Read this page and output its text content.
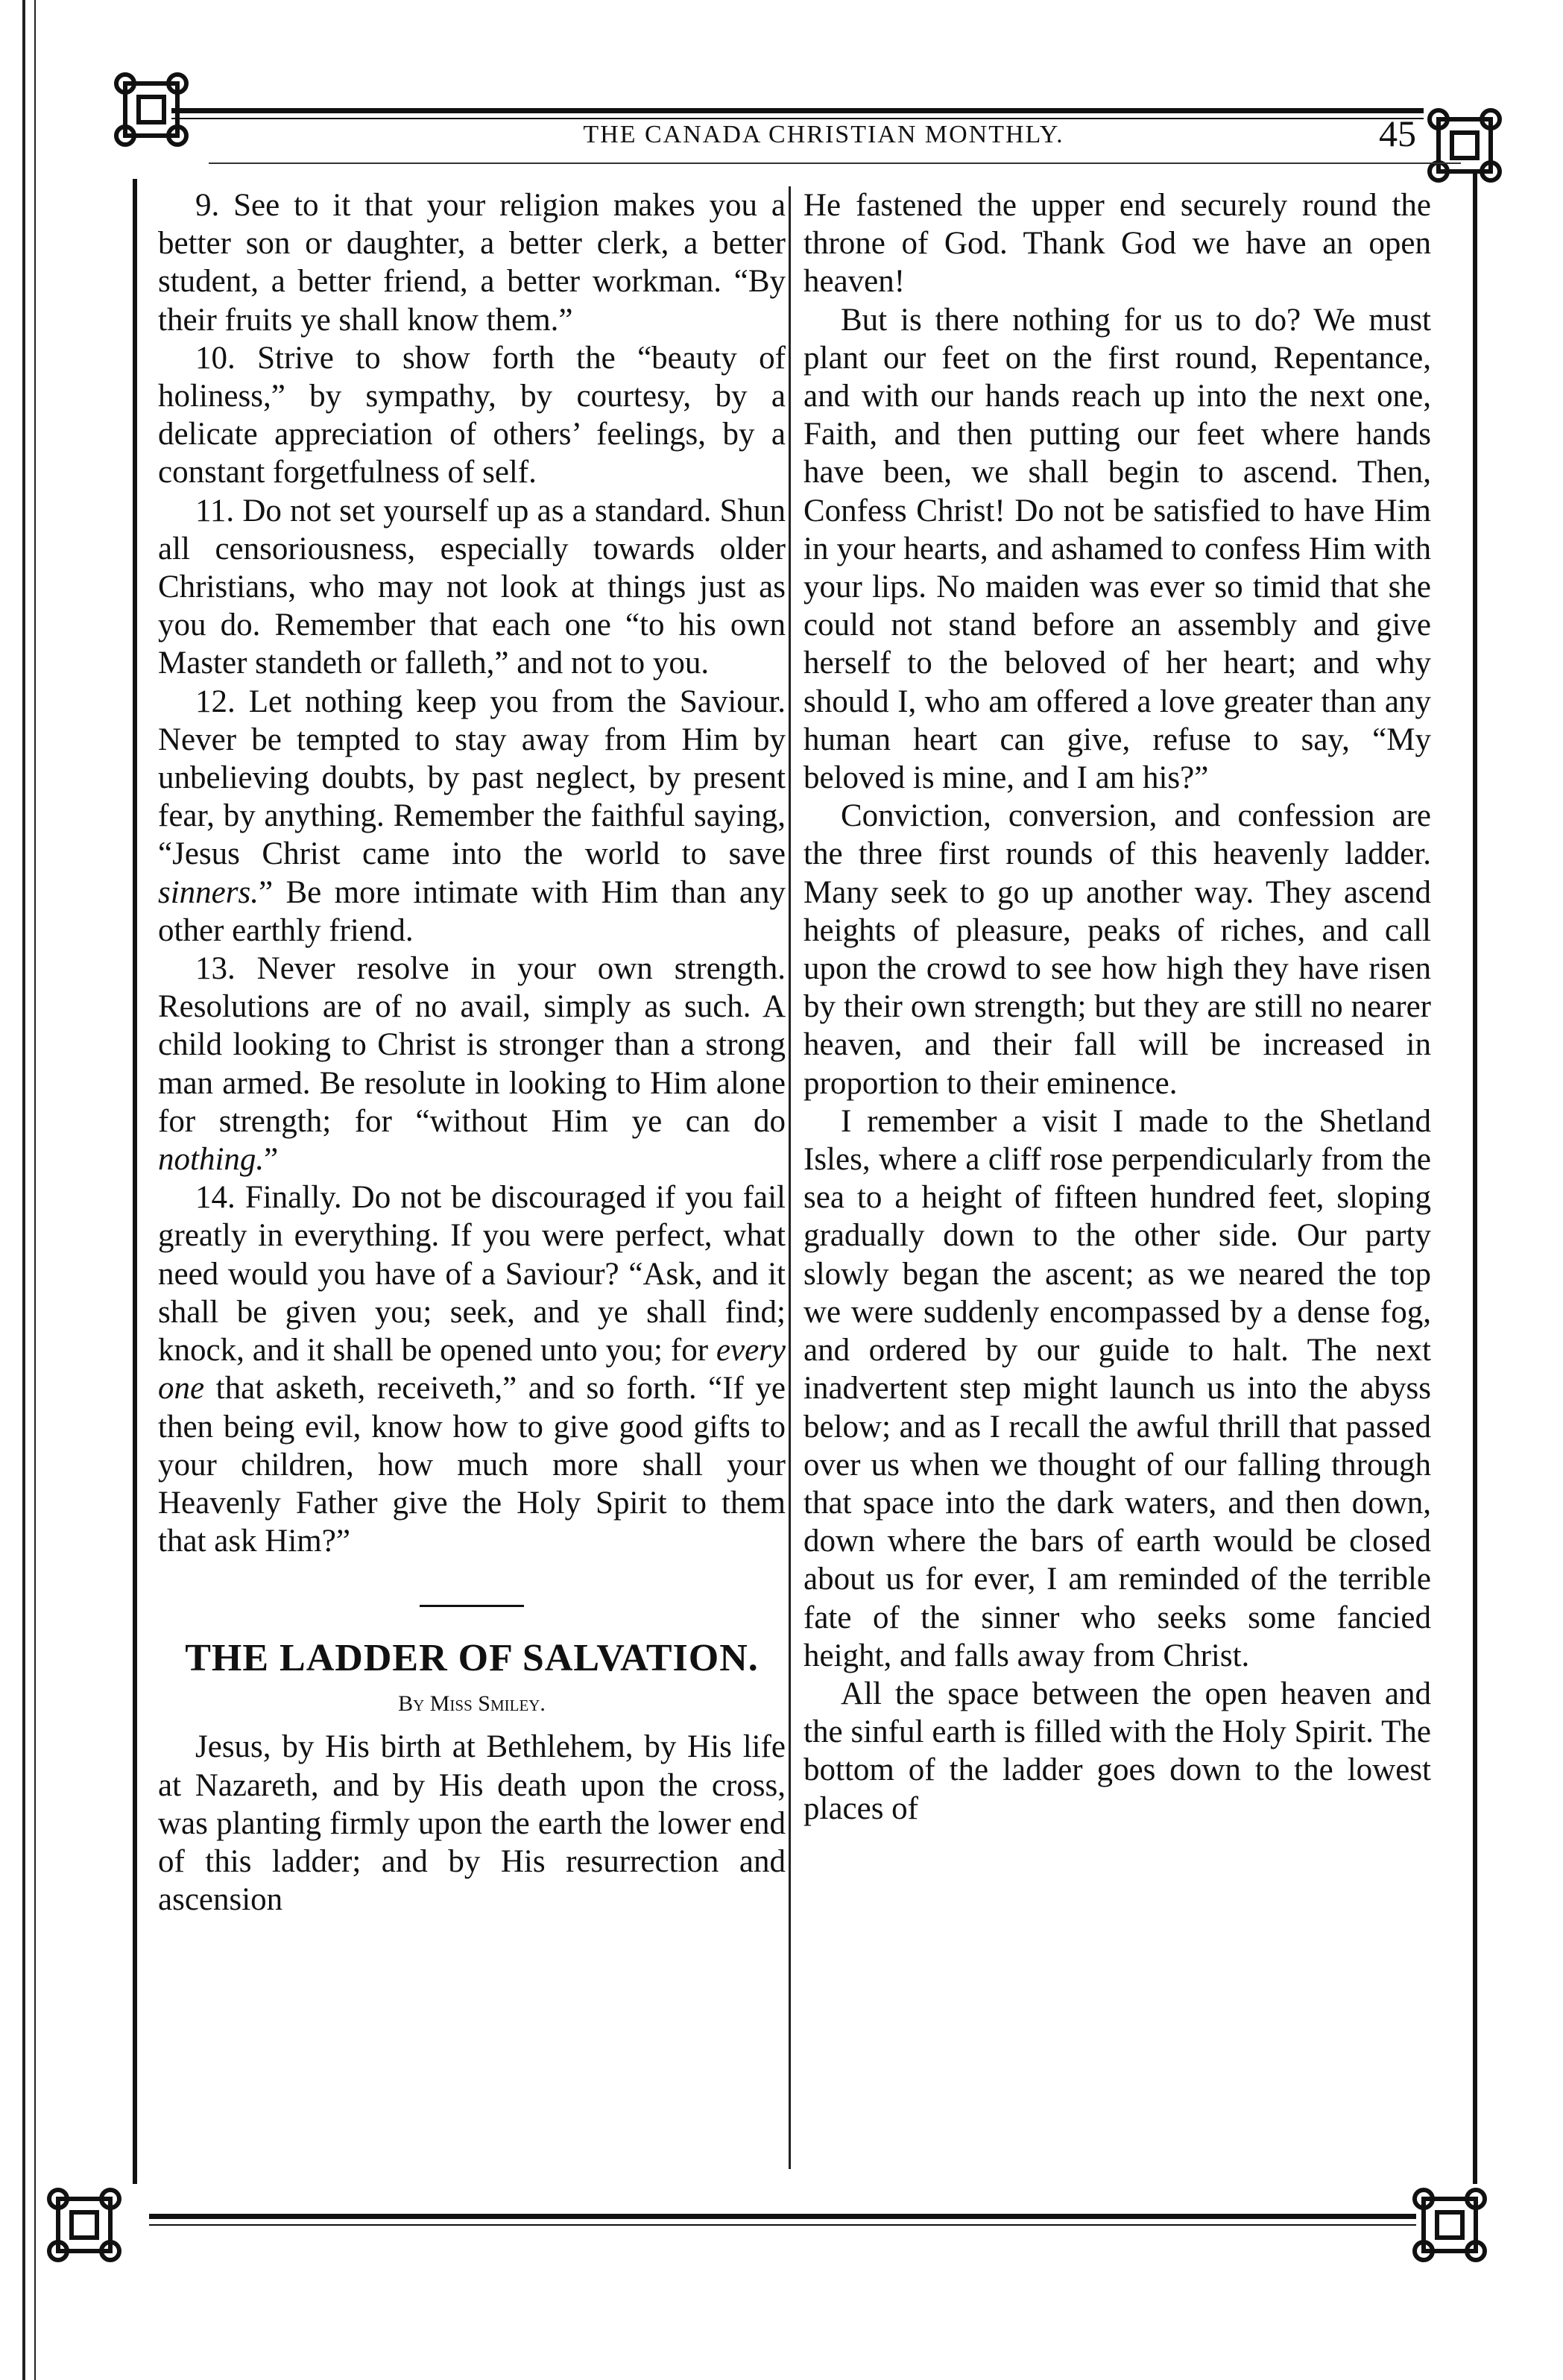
THE CANADA CHRISTIAN MONTHLY.	45

9. See to it that your religion makes you a better son or daughter, a better clerk, a better student, a better friend, a better workman. “By their fruits ye shall know them.”

10. Strive to show forth the “beauty of holiness,” by sympathy, by courtesy, by a delicate appreciation of others’ feelings, by a constant forgetfulness of self.

11. Do not set yourself up as a standard. Shun all censoriousness, especially towards older Christians, who may not look at things just as you do. Remember that each one “to his own Master standeth or falleth,” and not to you.

12. Let nothing keep you from the Saviour. Never be tempted to stay away from Him by unbelieving doubts, by past neglect, by present fear, by anything. Remember the faithful saying, “Jesus Christ came into the world to save sinners.” Be more intimate with Him than any other earthly friend.

13. Never resolve in your own strength. Resolutions are of no avail, simply as such. A child looking to Christ is stronger than a strong man armed. Be resolute in looking to Him alone for strength; for “without Him ye can do nothing.”

14. Finally. Do not be discouraged if you fail greatly in everything. If you were perfect, what need would you have of a Saviour? “Ask, and it shall be given you; seek, and ye shall find; knock, and it shall be opened unto you; for every one that asketh, receiveth,” and so forth. “If ye then being evil, know how to give good gifts to your children, how much more shall your Heavenly Father give the Holy Spirit to them that ask Him?”

THE LADDER OF SALVATION.
By Miss Smiley.

Jesus, by His birth at Bethlehem, by His life at Nazareth, and by His death upon the cross, was planting firmly upon the earth the lower end of this ladder; and by His resurrection and ascension

He fastened the upper end securely round the throne of God. Thank God we have an open heaven!

But is there nothing for us to do? We must plant our feet on the first round, Repentance, and with our hands reach up into the next one, Faith, and then putting our feet where hands have been, we shall begin to ascend. Then, Confess Christ! Do not be satisfied to have Him in your hearts, and ashamed to confess Him with your lips. No maiden was ever so timid that she could not stand before an assembly and give herself to the beloved of her heart; and why should I, who am offered a love greater than any human heart can give, refuse to say, “My beloved is mine, and I am his?”

Conviction, conversion, and confession are the three first rounds of this heavenly ladder. Many seek to go up another way. They ascend heights of pleasure, peaks of riches, and call upon the crowd to see how high they have risen by their own strength; but they are still no nearer heaven, and their fall will be increased in proportion to their eminence.

I remember a visit I made to the Shetland Isles, where a cliff rose perpendicularly from the sea to a height of fifteen hundred feet, sloping gradually down to the other side. Our party slowly began the ascent; as we neared the top we were suddenly encompassed by a dense fog, and ordered by our guide to halt. The next inadvertent step might launch us into the abyss below; and as I recall the awful thrill that passed over us when we thought of our falling through that space into the dark waters, and then down, down where the bars of earth would be closed about us for ever, I am reminded of the terrible fate of the sinner who seeks some fancied height, and falls away from Christ.

All the space between the open heaven and the sinful earth is filled with the Holy Spirit. The bottom of the ladder goes down to the lowest places of
